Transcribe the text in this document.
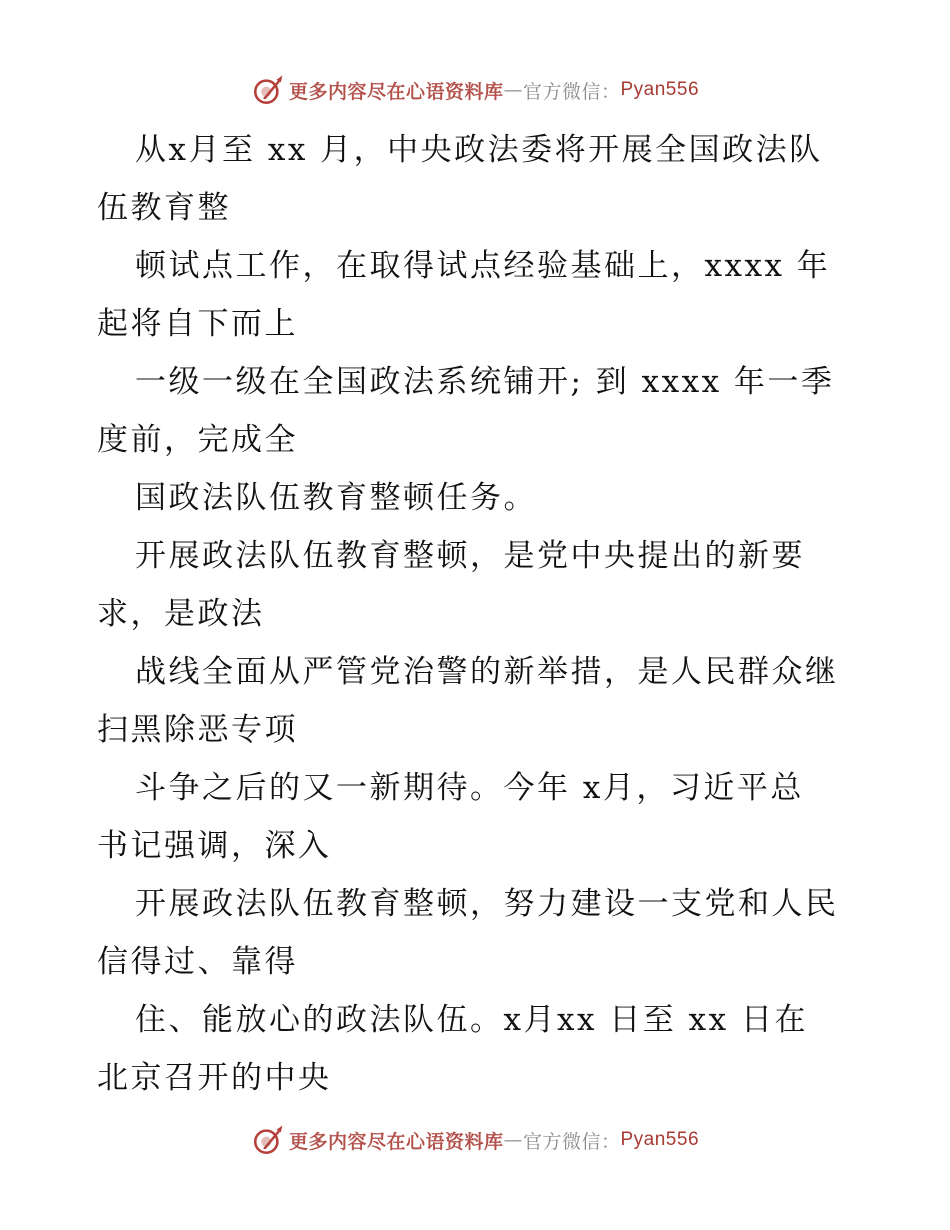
更多内容尽在心语资料库 — 官方微信： Pyan556

从x月至 xx 月，中央政法委将开展全国政法队
伍教育整

顿试点工作，在取得试点经验基础上，xxxx 年
起将自下而上

一级一级在全国政法系统铺开; 到 xxxx 年一季
度前，完成全

国政法队伍教育整顿任务。

开展政法队伍教育整顿，是党中央提出的新要
求，是政法

战线全面从严管党治警的新举措，是人民群众继
扫黑除恶专项

斗争之后的又一新期待。今年 x月，习近平总
书记强调，深入

开展政法队伍教育整顿，努力建设一支党和人民
信得过、靠得

住、能放心的政法队伍。x月xx 日至 xx 日在
北京召开的中央

更多内容尽在心语资料库 — 官方微信： Pyan556
